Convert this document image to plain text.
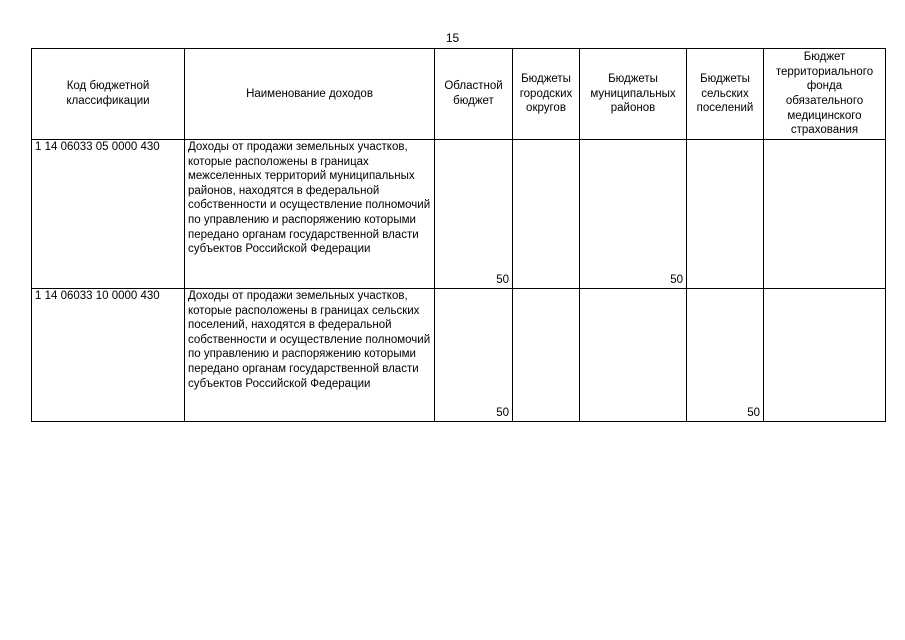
15
Код бюджетной классификации	Наименование доходов	Областной бюджет	Бюджеты городских округов	Бюджеты муниципальных районов	Бюджеты сельских поселений	Бюджет территориального фонда обязательного медицинского страхования
1 14 06033 05 0000 430	Доходы от продажи земельных участков, которые расположены в границах межселенных территорий муниципальных районов, находятся в федеральной собственности и осуществление полномочий по управлению и распоряжению которыми передано органам государственной власти субъектов Российской Федерации	50		50		
1 14 06033 10 0000 430	Доходы от продажи земельных участков, которые расположены в границах сельских поселений, находятся в федеральной собственности и осуществление полномочий по управлению и распоряжению которыми передано органам государственной власти субъектов Российской Федерации	50			50	
